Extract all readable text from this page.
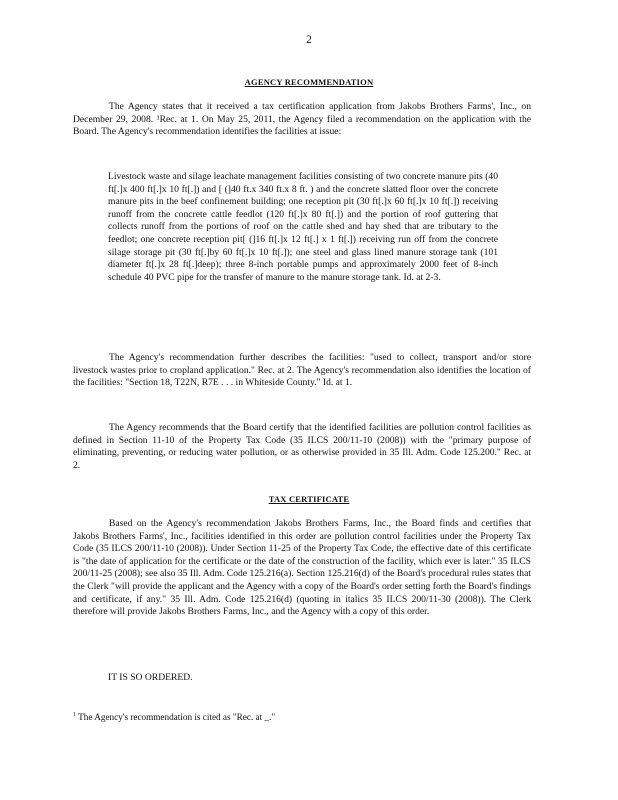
2
AGENCY RECOMMENDATION

The Agency states that it received a tax certification application from Jakobs Brothers Farms', Inc., on December 29, 2008. ¹Rec. at 1. On May 25, 2011, the Agency filed a recommendation on the application with the Board. The Agency's recommendation identifies the facilities at issue:

Livestock waste and silage leachate management facilities consisting of two concrete manure pits (40 ft[.]x 400 ft[.]x 10 ft[.]) and [ (]40 ft.x 340 ft.x 8 ft. ) and the concrete slatted floor over the concrete manure pits in the beef confinement building; one reception pit (30 ft[.]x 60 ft[.]x 10 ft[.]) receiving runoff from the concrete cattle feedlot (120 ft[.]x 80 ft[.]) and the portion of roof guttering that collects runoff from the portions of roof on the cattle shed and hay shed that are tributary to the feedlot; one concrete reception pit[ (]16 ft[.]x 12 ft[.] x 1 ft[.]) receiving run off from the concrete silage storage pit (30 ft[.]by 60 ft[.]x 10 ft[.]); one steel and glass lined manure storage tank (101 diameter ft[.]x 28 ft[.]deep); three 8-inch portable pumps and approximately 2000 feet of 8-inch schedule 40 PVC pipe for the transfer of manure to the manure storage tank. Id. at 2-3.

The Agency's recommendation further describes the facilities: "used to collect, transport and/or store livestock wastes prior to cropland application." Rec. at 2. The Agency's recommendation also identifies the location of the facilities: "Section 18, T22N, R7E . . . in Whiteside County." Id. at 1.

The Agency recommends that the Board certify that the identified facilities are pollution control facilities as defined in Section 11-10 of the Property Tax Code (35 ILCS 200/11-10 (2008)) with the "primary purpose of eliminating, preventing, or reducing water pollution, or as otherwise provided in 35 Ill. Adm. Code 125.200." Rec. at 2.

TAX CERTIFICATE

Based on the Agency's recommendation Jakobs Brothers Farms, Inc., the Board finds and certifies that Jakobs Brothers Farms', Inc., facilities identified in this order are pollution control facilities under the Property Tax Code (35 ILCS 200/11-10 (2008)). Under Section 11-25 of the Property Tax Code, the effective date of this certificate is "the date of application for the certificate or the date of the construction of the facility, which ever is later." 35 ILCS 200/11-25 (2008); see also 35 Ill. Adm. Code 125.216(a). Section 125.216(d) of the Board's procedural rules states that the Clerk "will provide the applicant and the Agency with a copy of the Board's order setting forth the Board's findings and certificate, if any." 35 Ill. Adm. Code 125.216(d) (quoting in italics 35 ILCS 200/11-30 (2008)). The Clerk therefore will provide Jakobs Brothers Farms, Inc., and the Agency with a copy of this order.

IT IS SO ORDERED.

$^1$ The Agency's recommendation is cited as "Rec. at _."
